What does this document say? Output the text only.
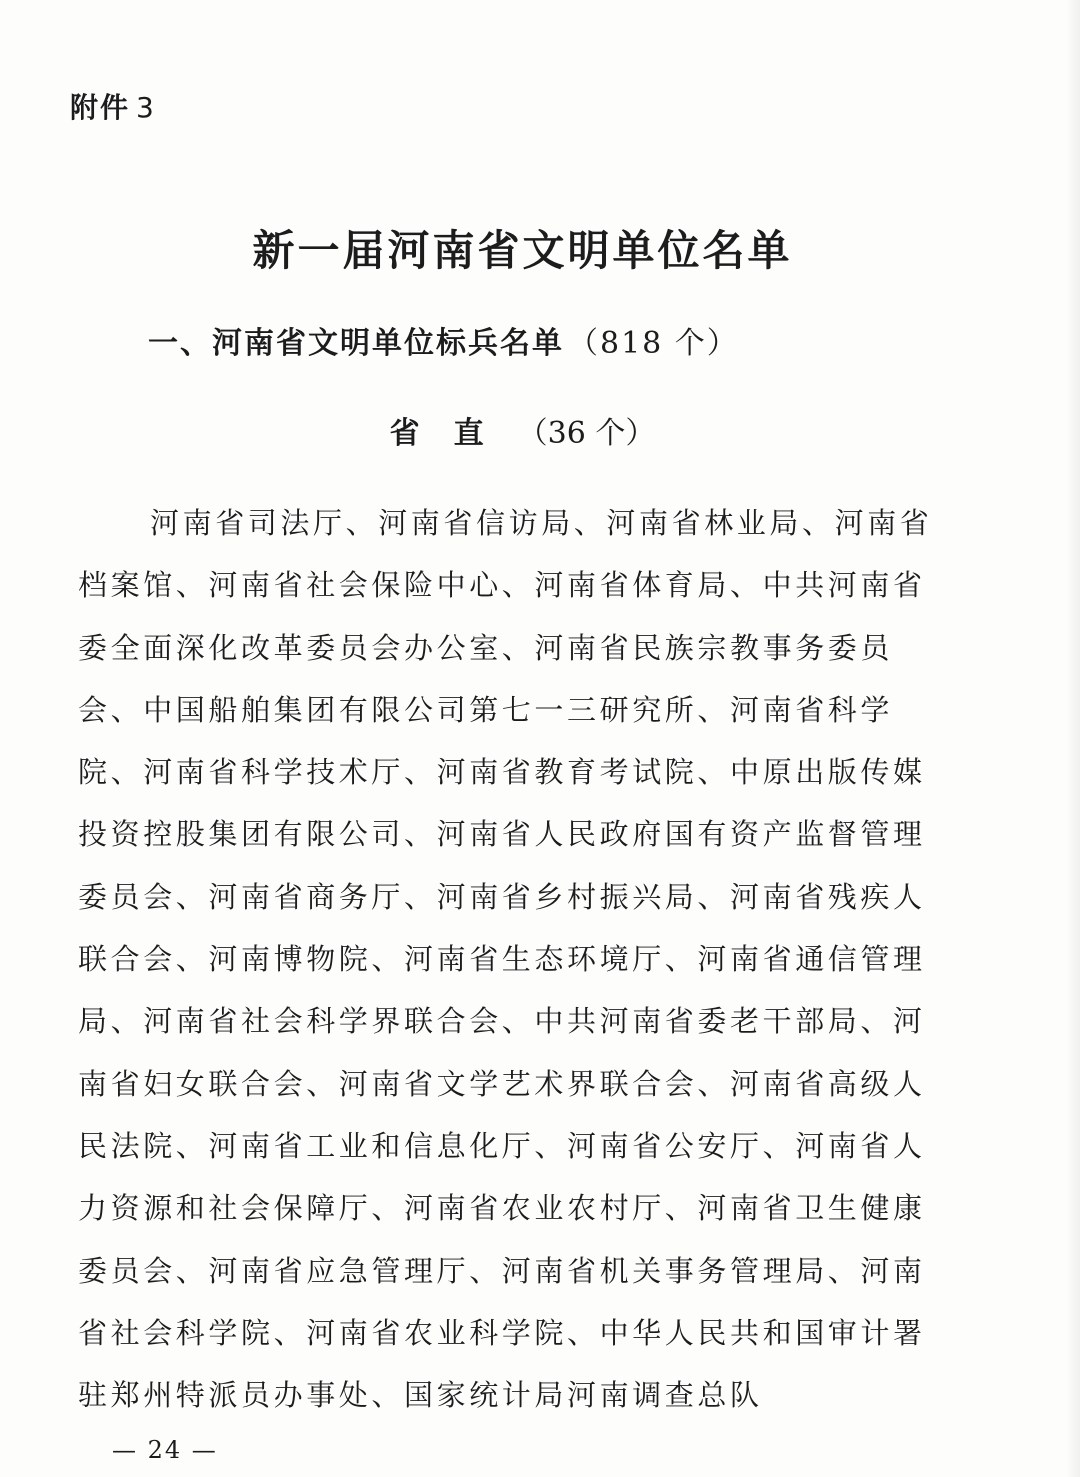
附件 3
新一届河南省文明单位名单
一、河南省文明单位标兵名单 （818 个）
省直（36 个）
河南省司法厅、河南省信访局、河南省林业局、河南省
档案馆、河南省社会保险中心、河南省体育局、中共河南省
委全面深化改革委员会办公室、河南省民族宗教事务委员
会、中国船舶集团有限公司第七一三研究所、河南省科学
院、河南省科学技术厅、河南省教育考试院、中原出版传媒
投资控股集团有限公司、河南省人民政府国有资产监督管理
委员会、河南省商务厅、河南省乡村振兴局、河南省残疾人
联合会、河南博物院、河南省生态环境厅、河南省通信管理
局、河南省社会科学界联合会、中共河南省委老干部局、河
南省妇女联合会、河南省文学艺术界联合会、河南省高级人
民法院、河南省工业和信息化厅、河南省公安厅、河南省人
力资源和社会保障厅、河南省农业农村厅、河南省卫生健康
委员会、河南省应急管理厅、河南省机关事务管理局、河南
省社会科学院、河南省农业科学院、中华人民共和国审计署
驻郑州特派员办事处、国家统计局河南调查总队
— 24 —
